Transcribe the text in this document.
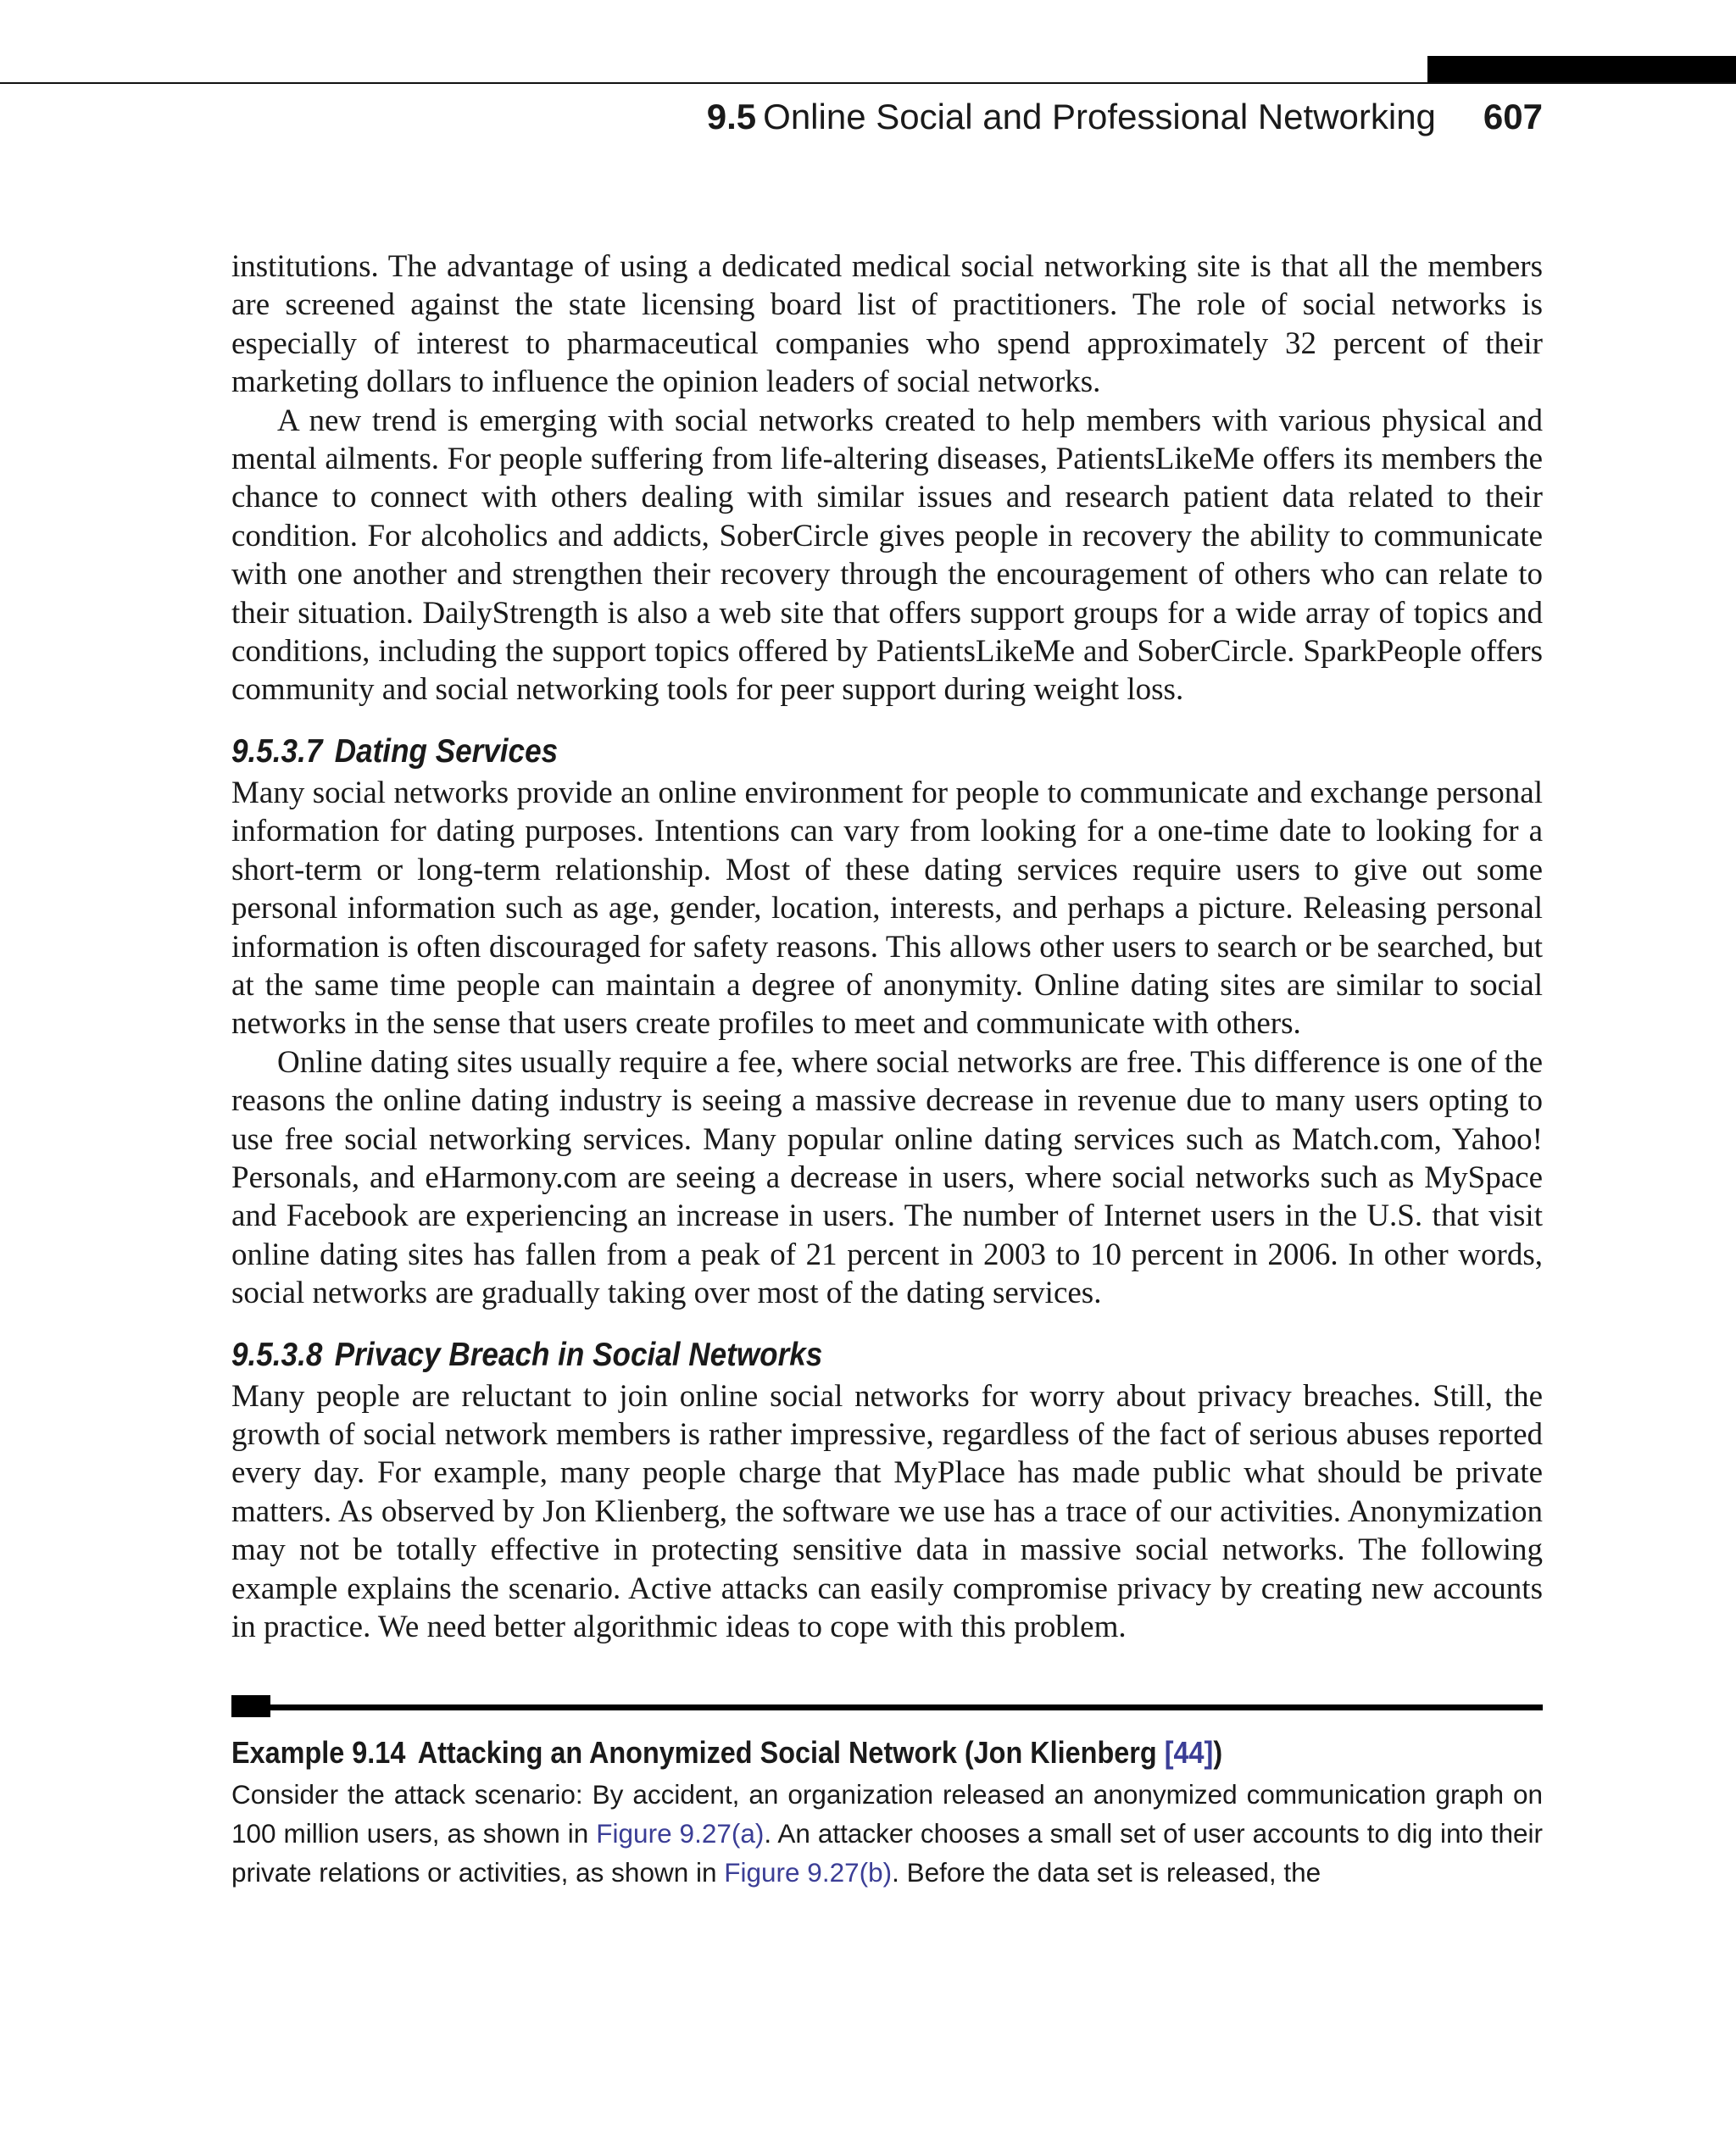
9.5 Online Social and Professional Networking 607

institutions. The advantage of using a dedicated medical social networking site is that all the members are screened against the state licensing board list of practitioners. The role of social networks is especially of interest to pharmaceutical companies who spend approximately 32 percent of their marketing dollars to influence the opinion leaders of social networks.

A new trend is emerging with social networks created to help members with various physical and mental ailments. For people suffering from life-altering diseases, PatientsLikeMe offers its members the chance to connect with others dealing with similar issues and research patient data related to their condition. For alcoholics and addicts, SoberCircle gives people in recovery the ability to communicate with one another and strengthen their recovery through the encouragement of others who can relate to their situation. DailyStrength is also a web site that offers support groups for a wide array of topics and conditions, including the support topics offered by PatientsLikeMe and SoberCircle. SparkPeople offers community and social networking tools for peer support during weight loss.

9.5.3.7 Dating Services

Many social networks provide an online environment for people to communicate and exchange personal information for dating purposes. Intentions can vary from looking for a one-time date to looking for a short-term or long-term relationship. Most of these dating services require users to give out some personal information such as age, gender, location, interests, and perhaps a picture. Releasing personal information is often discouraged for safety reasons. This allows other users to search or be searched, but at the same time people can maintain a degree of anonymity. Online dating sites are similar to social networks in the sense that users create profiles to meet and communicate with others.

Online dating sites usually require a fee, where social networks are free. This difference is one of the reasons the online dating industry is seeing a massive decrease in revenue due to many users opting to use free social networking services. Many popular online dating services such as Match.​com, Yahoo! Personals, and eHarmony.com are seeing a decrease in users, where social networks such as MySpace and Facebook are experiencing an increase in users. The number of Internet users in the U.S. that visit online dating sites has fallen from a peak of 21 percent in 2003 to 10 percent in 2006. In other words, social networks are gradually taking over most of the dating services.

9.5.3.8 Privacy Breach in Social Networks

Many people are reluctant to join online social networks for worry about privacy breaches. Still, the growth of social network members is rather impressive, regardless of the fact of serious abuses reported every day. For example, many people charge that MyPlace has made public what should be private matters. As observed by Jon Klienberg, the software we use has a trace of our activities. Anonymization may not be totally effective in protecting sensitive data in massive social networks. The following example explains the scenario. Active attacks can easily compromise privacy by creating new accounts in practice. We need better algorithmic ideas to cope with this problem.

Example 9.14 Attacking an Anonymized Social Network (Jon Klienberg [44])

Consider the attack scenario: By accident, an organization released an anonymized communication graph on 100 million users, as shown in Figure 9.27(a). An attacker chooses a small set of user accounts to dig into their private relations or activities, as shown in Figure 9.27(b). Before the data set is released, the
